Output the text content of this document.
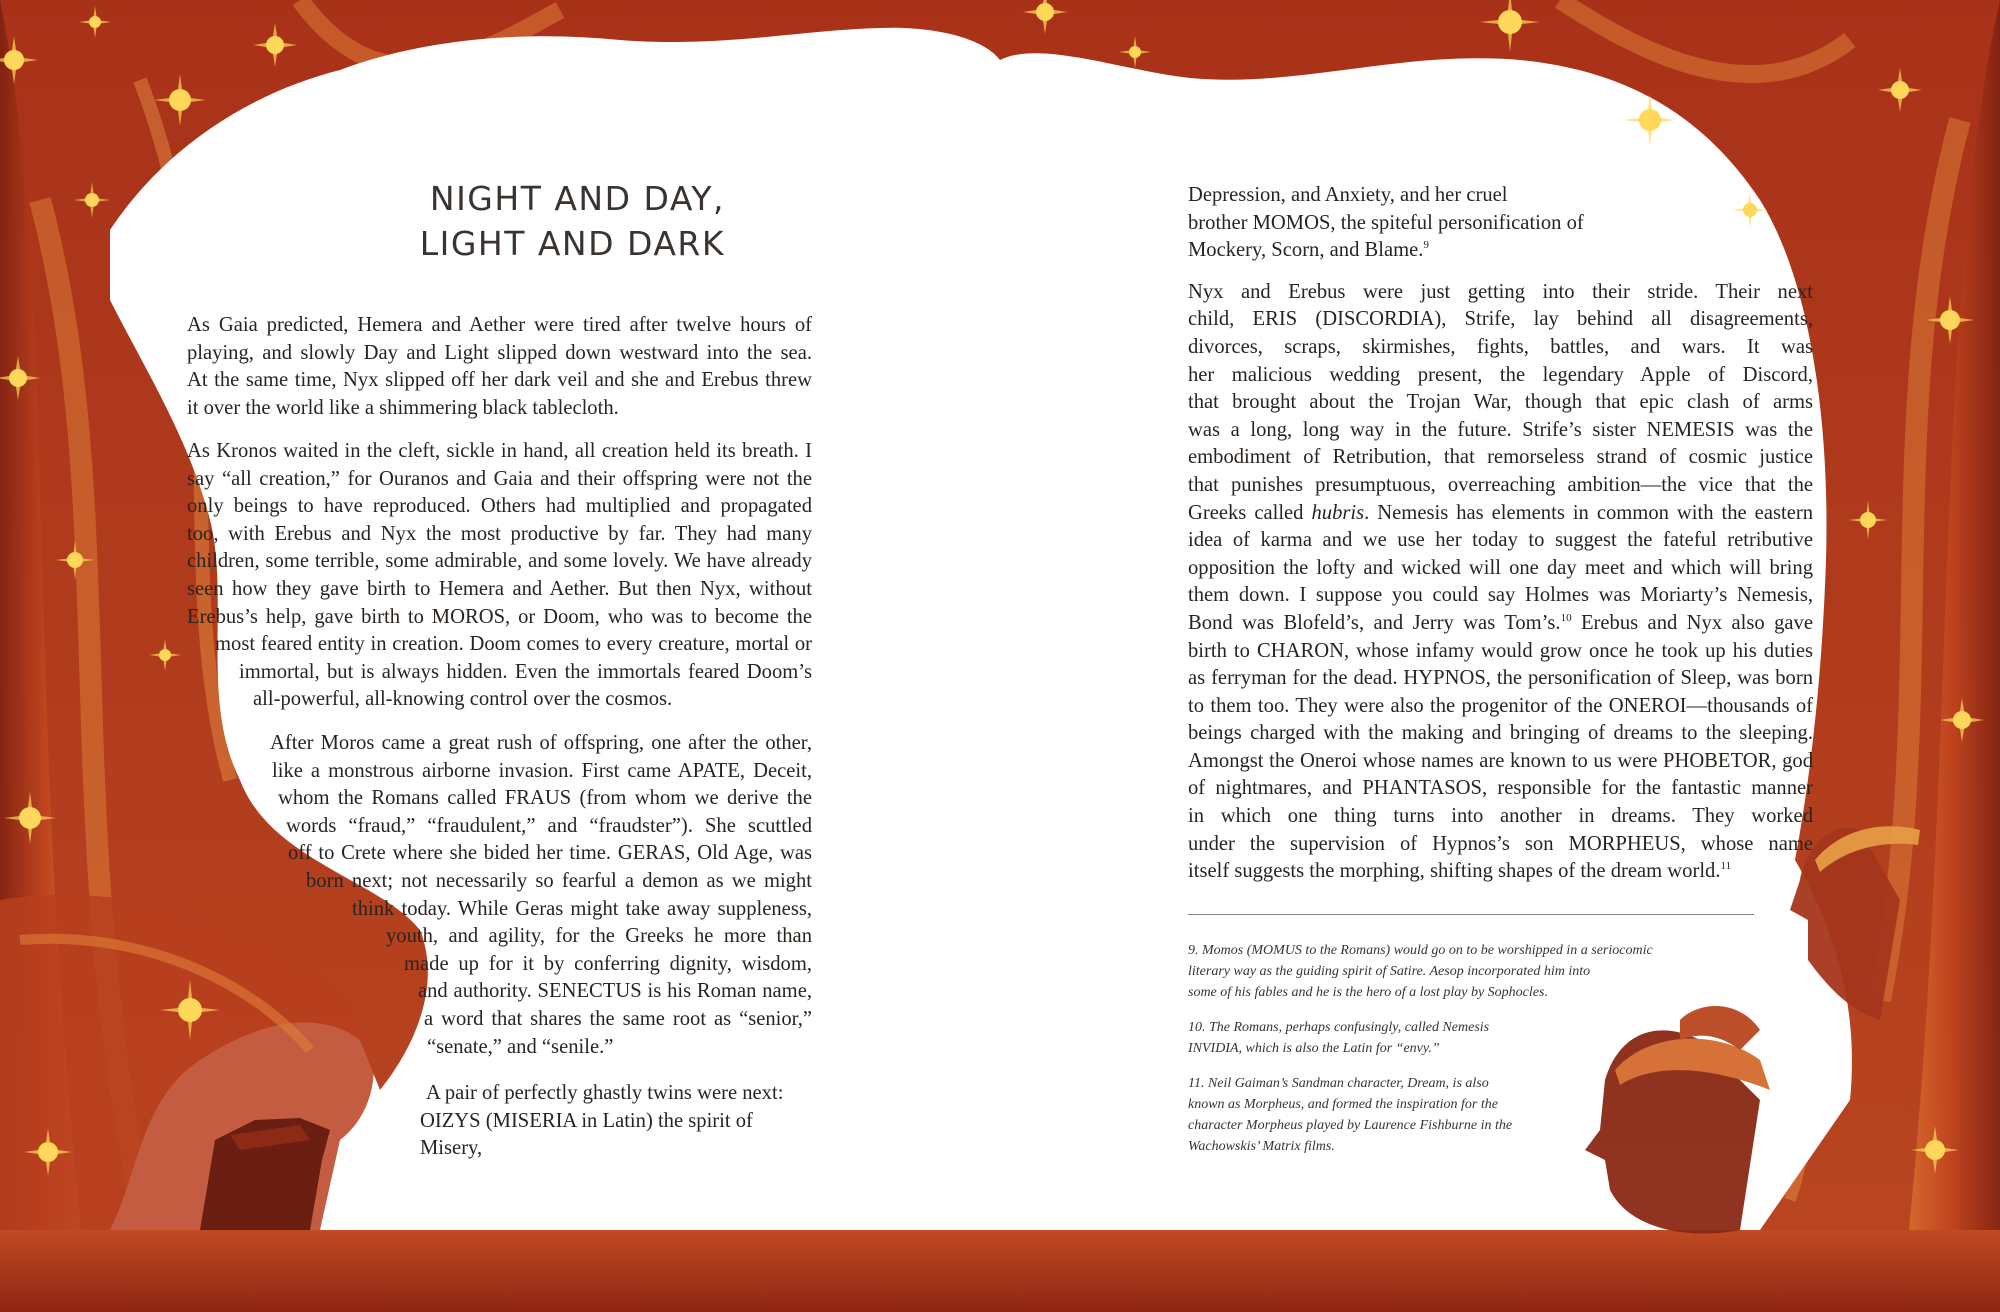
NIGHT AND DAY,
LIGHT AND DARK
As Gaia predicted, Hemera and Aether were tired after twelve hours of
playing, and slowly Day and Light slipped down westward into the sea.
At the same time, Nyx slipped off her dark veil and she and Erebus threw
it over the world like a shimmering black tablecloth.
As Kronos waited in the cleft, sickle in hand, all creation held its breath. I
say “all creation,” for Ouranos and Gaia and their offspring were not the
only beings to have reproduced. Others had multiplied and propagated
too, with Erebus and Nyx the most productive by far. They had many
children, some terrible, some admirable, and some lovely. We have already
seen how they gave birth to Hemera and Aether. But then Nyx, without
Erebus’s help, gave birth to MOROS, or Doom, who was to become the
most feared entity in creation. Doom comes to every creature, mortal or
immortal, but is always hidden. Even the immortals feared Doom’s
all-powerful, all-knowing control over the cosmos.
After Moros came a great rush of offspring, one after the other,
like a monstrous airborne invasion. First came APATE, Deceit,
whom the Romans called FRAUS (from whom we derive the
words “fraud,” “fraudulent,” and “fraudster”). She scuttled
off to Crete where she bided her time. GERAS, Old Age, was
born next; not necessarily so fearful a demon as we might
think today. While Geras might take away suppleness,
youth, and agility, for the Greeks he more than
made up for it by conferring dignity, wisdom,
and authority. SENECTUS is his Roman name,
a word that shares the same root as “senior,”
“senate,” and “senile.”
A pair of perfectly ghastly twins were next:
OIZYS (MISERIA in Latin) the spirit of Misery,

Depression, and Anxiety, and her cruel
brother MOMOS, the spiteful personification of
Mockery, Scorn, and Blame.$^9$

Nyx and Erebus were just getting into their stride. Their next
child, ERIS (DISCORDIA), Strife, lay behind all disagreements,
divorces, scraps, skirmishes, fights, battles, and wars. It was
her malicious wedding present, the legendary Apple of Discord,
that brought about the Trojan War, though that epic clash of arms
was a long, long way in the future. Strife’s sister NEMESIS was the
embodiment of Retribution, that remorseless strand of cosmic justice
that punishes presumptuous, overreaching ambition—the vice that the
Greeks called hubris. Nemesis has elements in common with the eastern
idea of karma and we use her today to suggest the fateful retributive
opposition the lofty and wicked will one day meet and which will bring
them down. I suppose you could say Holmes was Moriarty’s Nemesis,
Bond was Blofeld’s, and Jerry was Tom’s.$^{10}$ Erebus and Nyx also gave
birth to CHARON, whose infamy would grow once he took up his duties
as ferryman for the dead. HYPNOS, the personification of Sleep, was born
to them too. They were also the progenitor of the ONEROI—thousands of
beings charged with the making and bringing of dreams to the sleeping.
Amongst the Oneroi whose names are known to us were PHOBETOR, god
of nightmares, and PHANTASOS, responsible for the fantastic manner
in which one thing turns into another in dreams. They worked
under the supervision of Hypnos’s son MORPHEUS, whose name
itself suggests the morphing, shifting shapes of the dream world.$^{11}$

9. Momos (MOMUS to the Romans) would go on to be worshipped in a seriocomic
literary way as the guiding spirit of Satire. Aesop incorporated him into
some of his fables and he is the hero of a lost play by Sophocles.

10. The Romans, perhaps confusingly, called Nemesis
INVIDIA, which is also the Latin for “envy.”

11. Neil Gaiman’s Sandman character, Dream, is also
known as Morpheus, and formed the inspiration for the
character Morpheus played by Laurence Fishburne in the
Wachowskis’ Matrix films.
